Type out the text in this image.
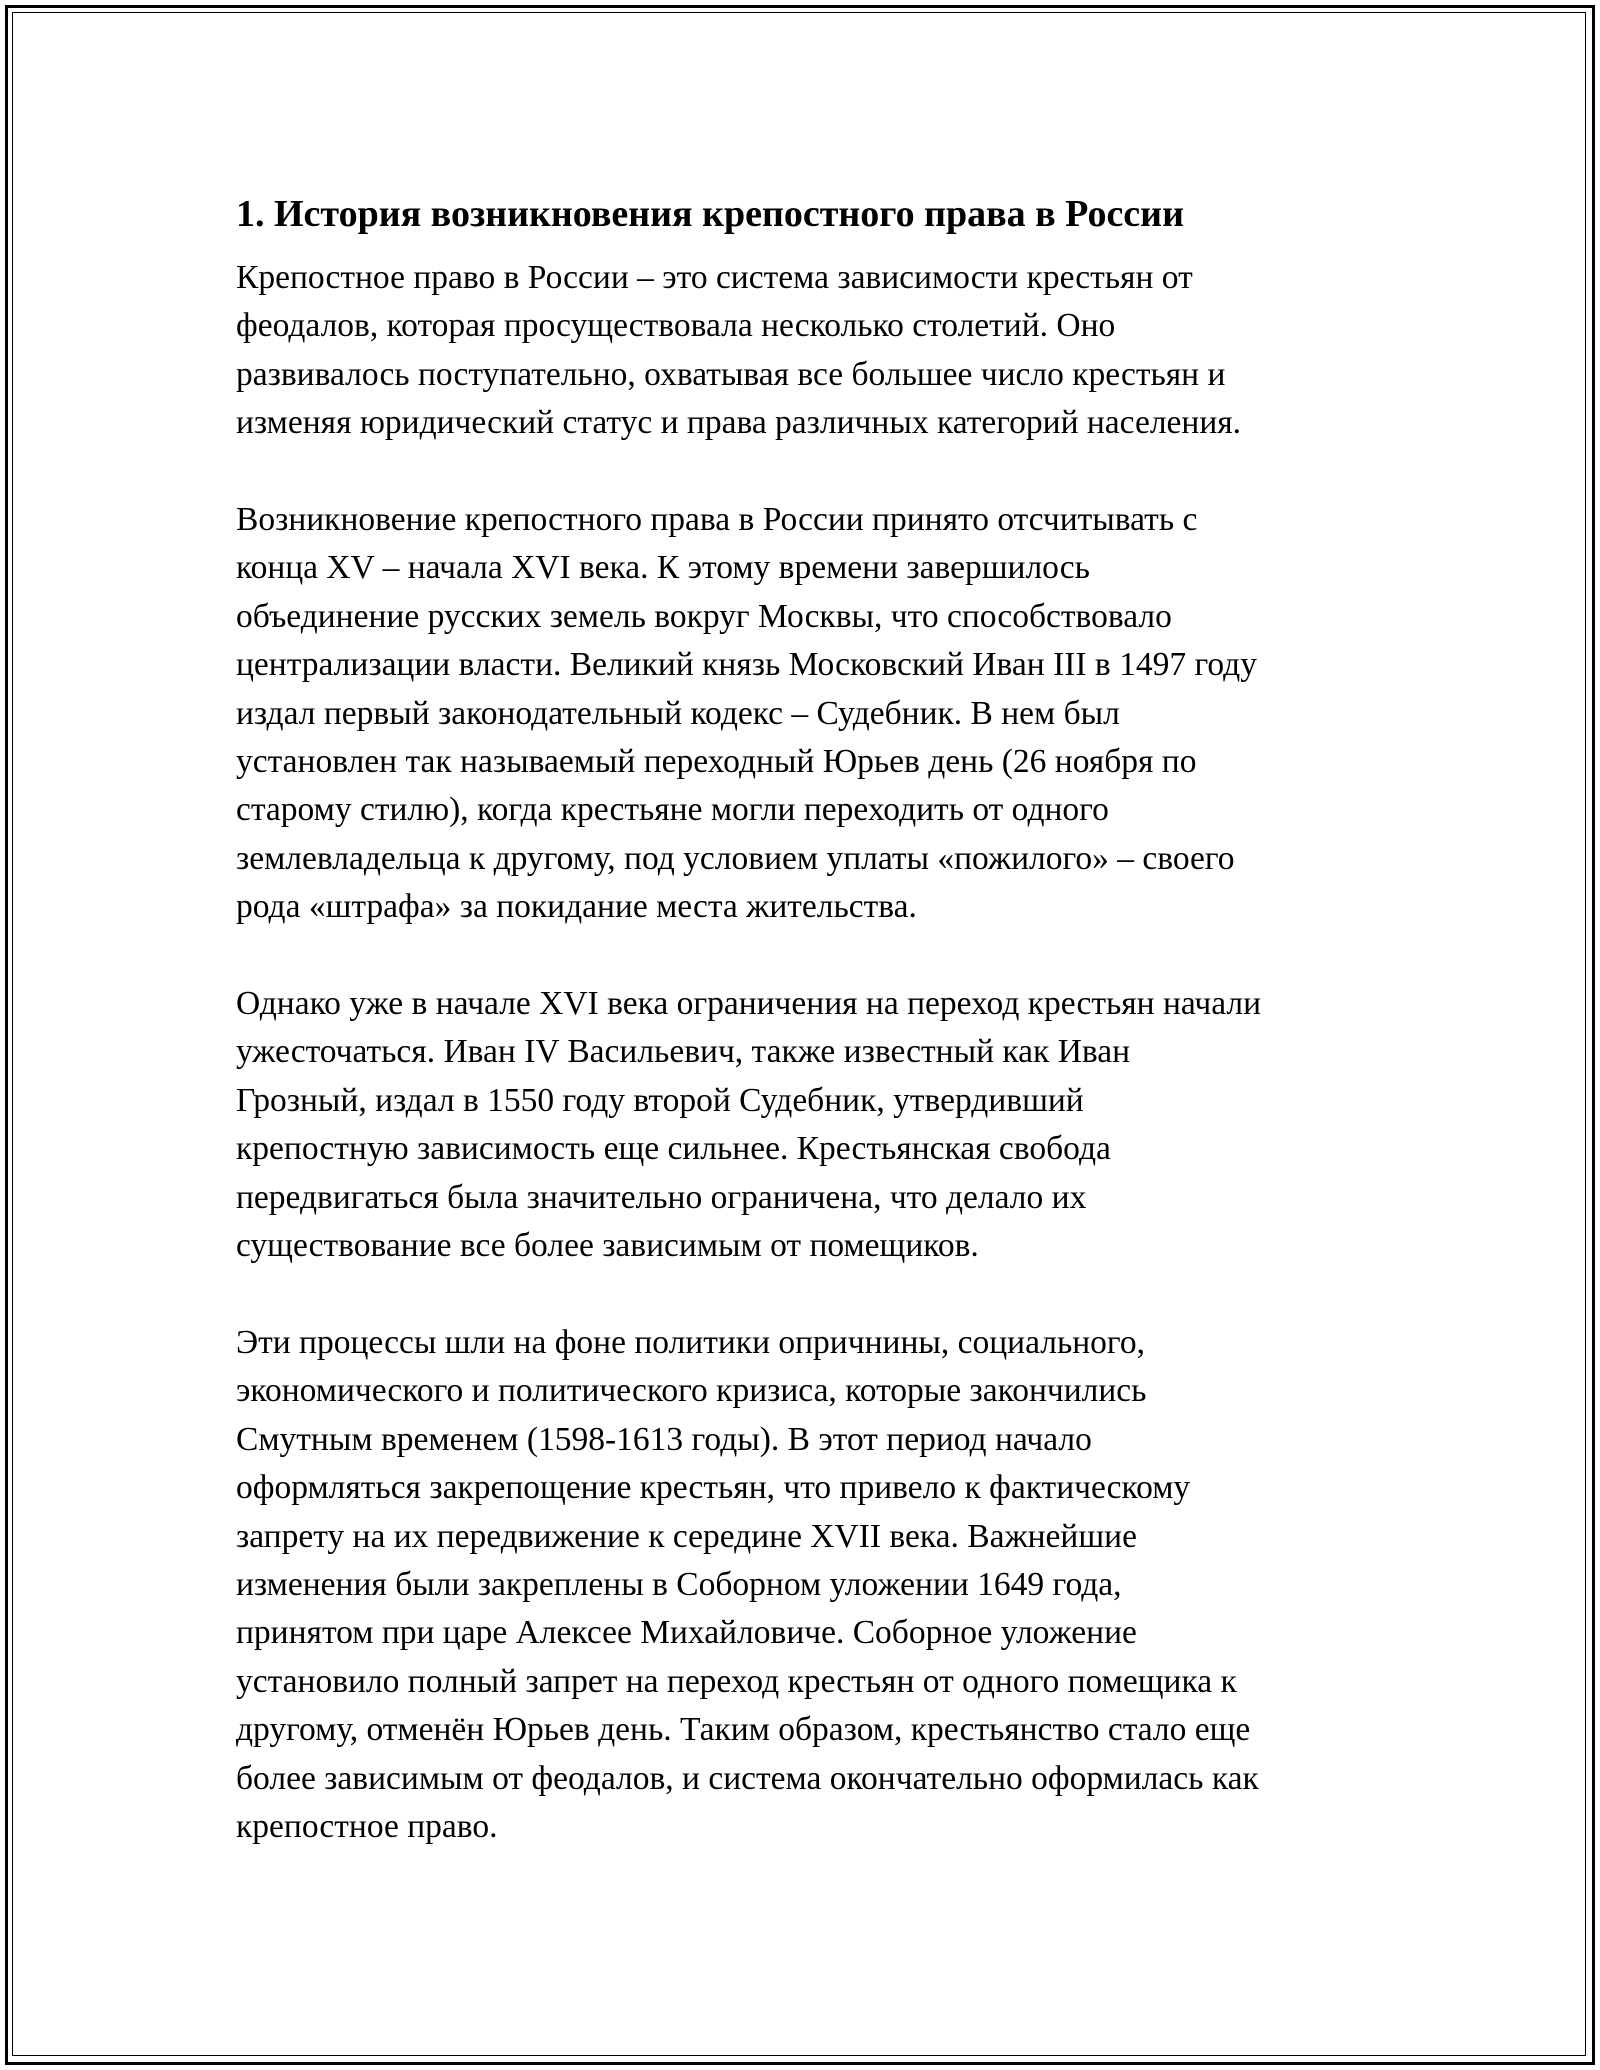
1. История возникновения крепостного права в России
Крепостное право в России – это система зависимости крестьян от
феодалов, которая просуществовала несколько столетий. Оно
развивалось поступательно, охватывая все большее число крестьян и
изменяя юридический статус и права различных категорий населения.
Возникновение крепостного права в России принято отсчитывать с
конца XV – начала XVI века. К этому времени завершилось
объединение русских земель вокруг Москвы, что способствовало
централизации власти. Великий князь Московский Иван III в 1497 году
издал первый законодательный кодекс – Судебник. В нем был
установлен так называемый переходный Юрьев день (26 ноября по
старому стилю), когда крестьяне могли переходить от одного
землевладельца к другому, под условием уплаты «пожилого» – своего
рода «штрафа» за покидание места жительства.
Однако уже в начале XVI века ограничения на переход крестьян начали
ужесточаться. Иван IV Васильевич, также известный как Иван
Грозный, издал в 1550 году второй Судебник, утвердивший
крепостную зависимость еще сильнее. Крестьянская свобода
передвигаться была значительно ограничена, что делало их
существование все более зависимым от помещиков.
Эти процессы шли на фоне политики опричнины, социального,
экономического и политического кризиса, которые закончились
Смутным временем (1598-1613 годы). В этот период начало
оформляться закрепощение крестьян, что привело к фактическому
запрету на их передвижение к середине XVII века. Важнейшие
изменения были закреплены в Соборном уложении 1649 года,
принятом при царе Алексее Михайловиче. Соборное уложение
установило полный запрет на переход крестьян от одного помещика к
другому, отменён Юрьев день. Таким образом, крестьянство стало еще
более зависимым от феодалов, и система окончательно оформилась как
крепостное право.
